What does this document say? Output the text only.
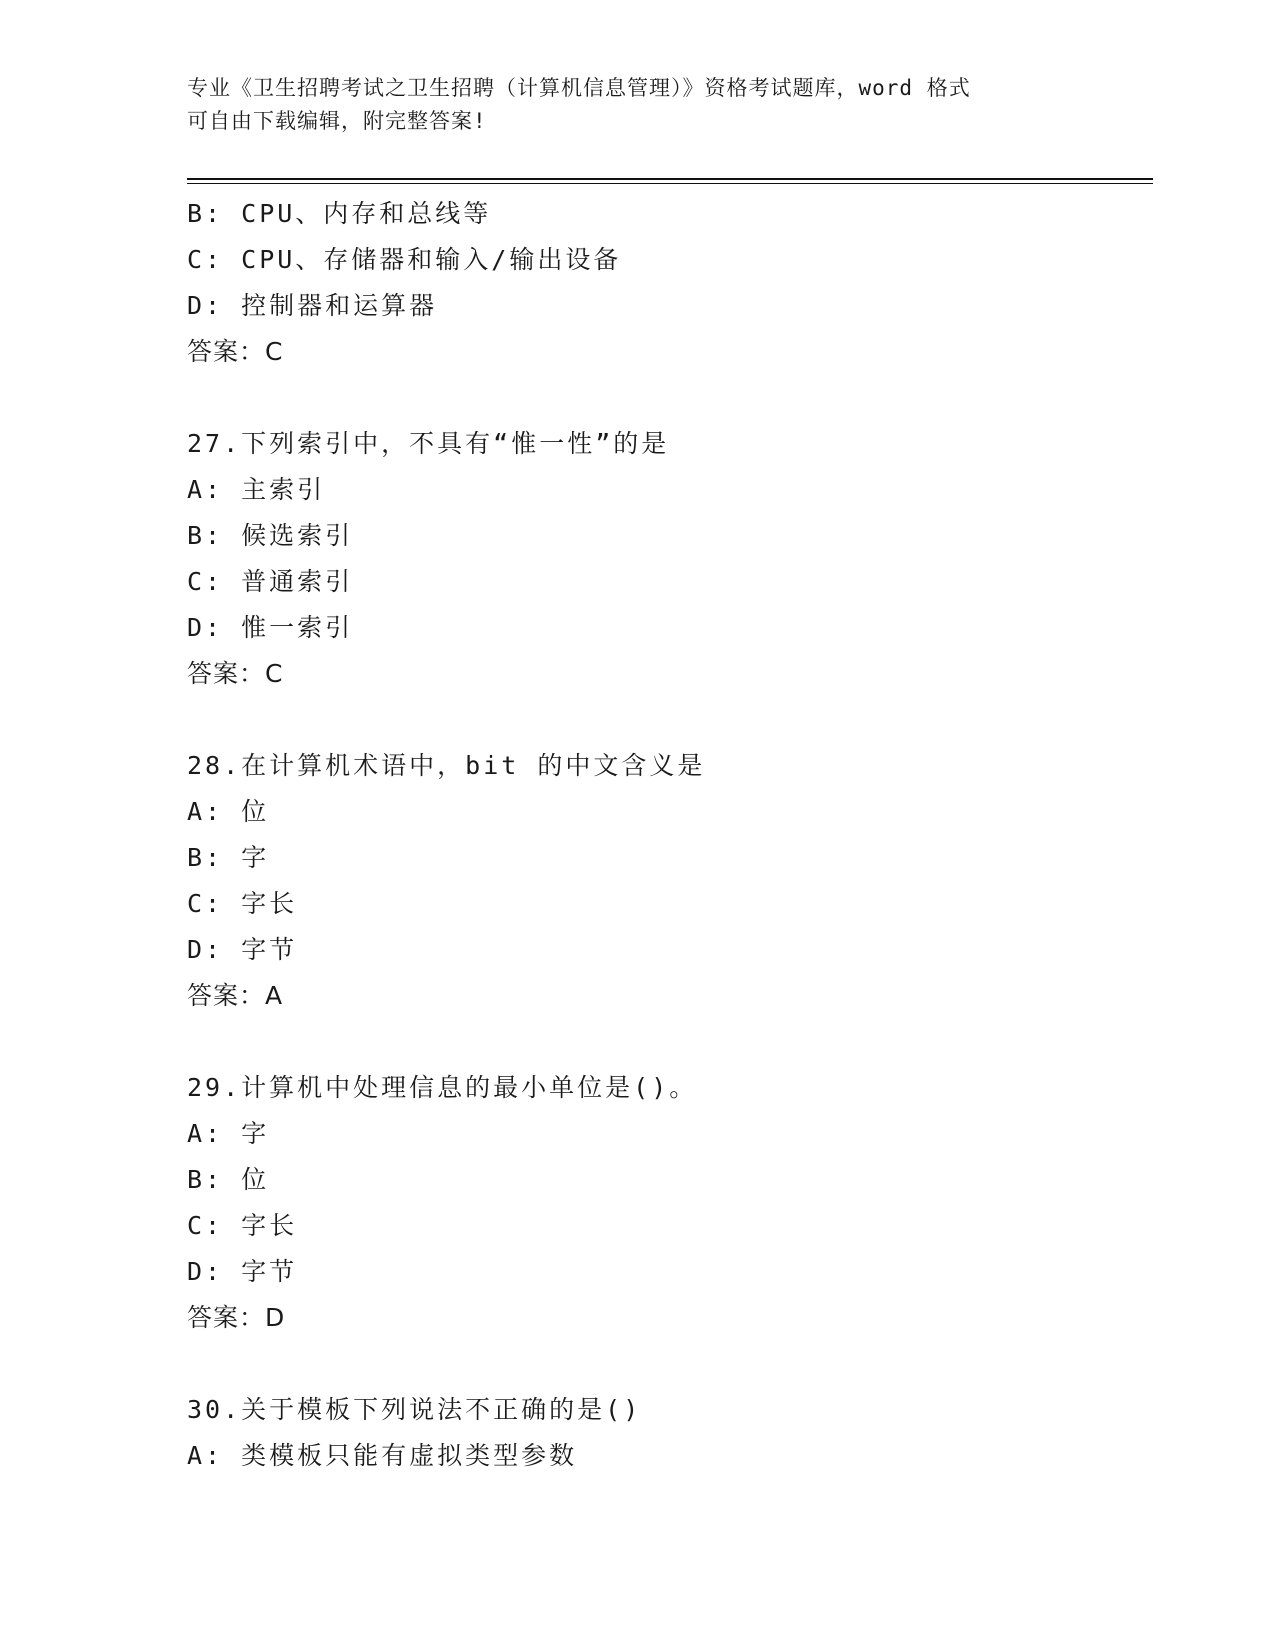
专业《卫生招聘考试之卫生招聘（计算机信息管理）》资格考试题库，word 格式
可自由下载编辑，附完整答案!
B: CPU、内存和总线等
C: CPU、存储器和输入/输出设备
D: 控制器和运算器
答案：C
27.下列索引中，不具有“惟一性”的是
A: 主索引
B: 候选索引
C: 普通索引
D: 惟一索引
答案：C
28.在计算机术语中，bit 的中文含义是
A: 位
B: 字
C: 字长
D: 字节
答案：A
29.计算机中处理信息的最小单位是()。
A: 字
B: 位
C: 字长
D: 字节
答案：D
30.关于模板下列说法不正确的是()
A: 类模板只能有虚拟类型参数
